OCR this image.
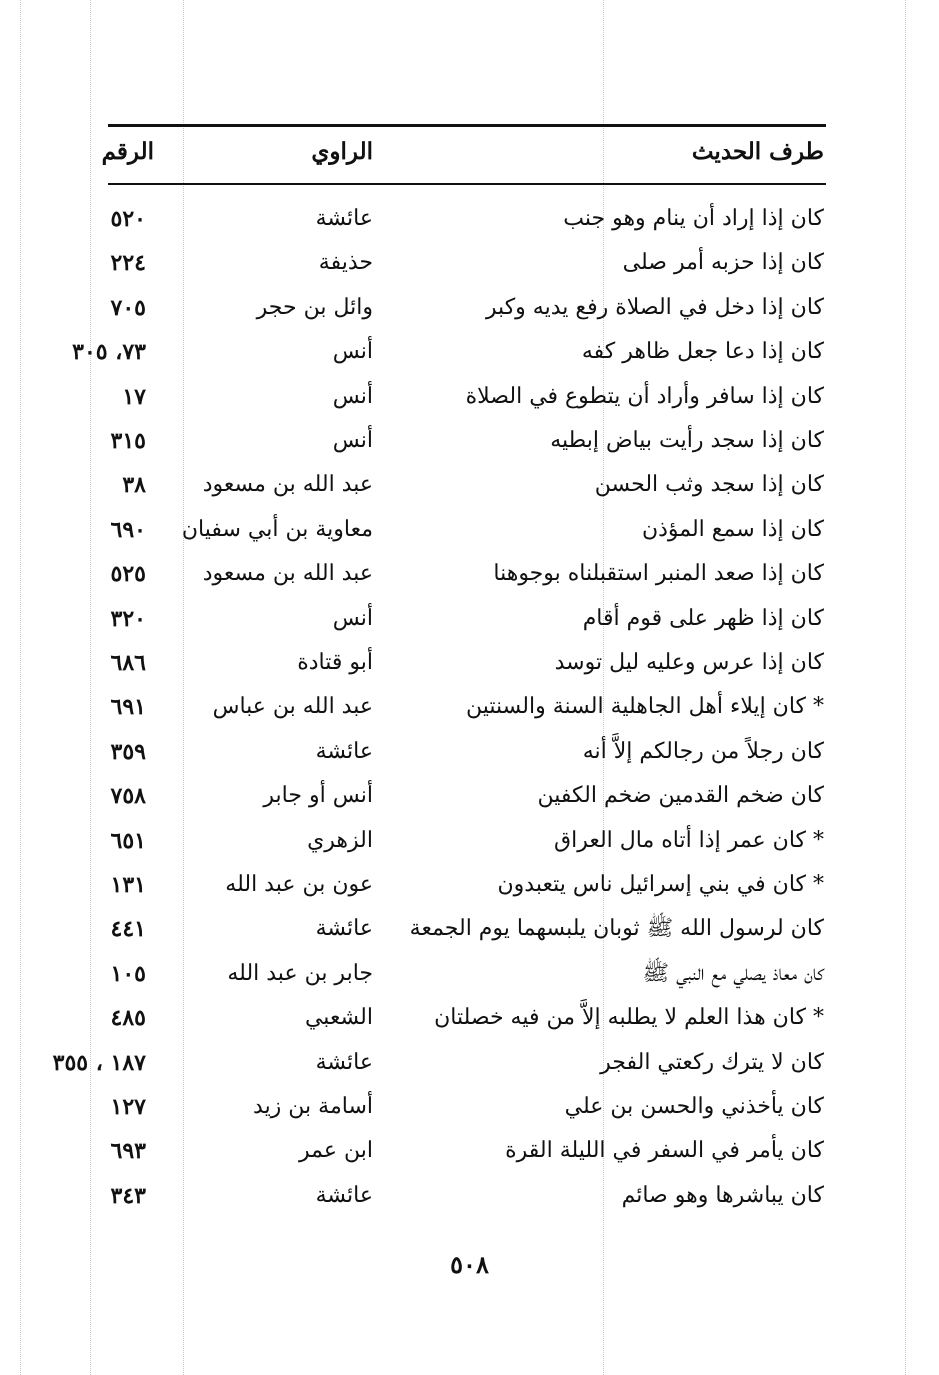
طرف الحديث
الراوي
الرقم
كان إذا إراد أن ينام وهو جنب
عائشة
٥٢٠
كان إذا حزبه أمر صلى
حذيفة
٢٢٤
كان إذا دخل في الصلاة رفع يديه وكبر
وائل بن حجر
٧٠٥
كان إذا دعا جعل ظاهر كفه
أنس
٧٣، ٣٠٥
كان إذا سافر وأراد أن يتطوع في الصلاة
أنس
١٧
كان إذا سجد رأيت بياض إبطيه
أنس
٣١٥
كان إذا سجد وثب الحسن
عبد الله بن مسعود
٣٨
كان إذا سمع المؤذن
معاوية بن أبي سفيان
٦٩٠
كان إذا صعد المنبر استقبلناه بوجوهنا
عبد الله بن مسعود
٥٢٥
كان إذا ظهر على قوم أقام
أنس
٣٢٠
كان إذا عرس وعليه ليل توسد
أبو قتادة
٦٨٦
* كان إيلاء أهل الجاهلية السنة والسنتين
عبد الله بن عباس
٦٩١
كان رجلاً من رجالكم إلاَّ أنه
عائشة
٣٥٩
كان ضخم القدمين ضخم الكفين
أنس أو جابر
٧٥٨
* كان عمر إذا أتاه مال العراق
الزهري
٦٥١
* كان في بني إسرائيل ناس يتعبدون
عون بن عبد الله
١٣١
كان لرسول الله ﷺ ثوبان يلبسهما يوم الجمعة
عائشة
٤٤١
كان معاذ يصلي مع النبي ﷺ
جابر بن عبد الله
١٠٥
* كان هذا العلم لا يطلبه إلاَّ من فيه خصلتان
الشعبي
٤٨٥
كان لا يترك ركعتي الفجر
عائشة
١٨٧ ، ٣٥٥
كان يأخذني والحسن بن علي
أسامة بن زيد
١٢٧
كان يأمر في السفر في الليلة القرة
ابن عمر
٦٩٣
كان يباشرها وهو صائم
عائشة
٣٤٣
٥٠٨
